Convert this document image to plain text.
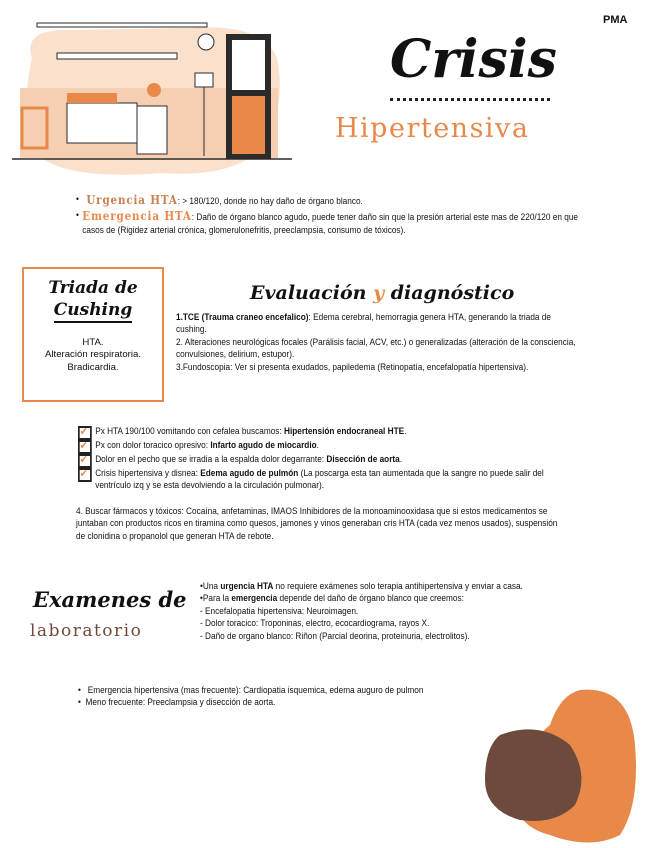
PMA
Crisis
Hipertensiva
• Urgencia HTA: > 180/120, donde no hay daño de órgano blanco.
• Emergencia HTA: Daño de órgano blanco agudo, puede tener daño sin que la presión arterial este mas de 220/120 en que casos de (Rigidez arterial crónica, glomerulonefritis, preeclampsia, consumo de tóxicos).
Triada de
Cushing
HTA.
Alteración respiratoria.
Bradicardia.
Evaluación y diagnóstico
1.TCE (Trauma craneo encefalico): Edema cerebral, hemorragia genera HTA, generando la triada de cushing.
2. Alteraciones neurológicas focales (Parálisis facial, ACV, etc.) o generalizadas (alteración de la consciencia, convulsiones, delirium, estupor).
3.Fundoscopia: Ver si presenta exudados, papiledema (Retinopatía, encefalopatía hipertensiva).
✔ Px HTA 190/100 vomitando con cefalea buscamos: Hipertensión endocraneal HTE.
✔ Px con dolor toracico opresivo: Infarto agudo de miocardio.
✔ Dolor en el pecho que se irradia a la espalda dolor degarrante: Disección de aorta.
✔ Crisis hipertensiva y disnea: Edema agudo de pulmón (La poscarga esta tan aumentada que la sangre no puede salir del ventrículo izq y se esta devolviendo a la circulación pulmonar).
4. Buscar fármacos y tóxicos: Cocaína, anfetaminas, IMAOS Inhibidores de la monoaminooxidasa que si estos medicamentos se juntaban con productos ricos en tiramina como quesos, jamones y vinos generaban cris HTA (cada vez menos usados), suspensión de clonidina o propanolol que generan HTA de rebote.
Examenes de
laboratorio
•Una urgencia HTA no requiere exámenes solo terapia antihipertensiva y enviar a casa.
•Para la emergencia depende del daño de órgano blanco que creemos:
- Encefalopatia hipertensiva: Neuroimagen.
- Dolor toracico: Troponinas, electro, ecocardiograma, rayos X.
- Daño de organo blanco: Riñon (Parcial deorina, proteinuria, electrolitos).
•   Emergencia hipertensiva (mas frecuente): Cardiopatia isquemica, edema auguro de pulmon
•  Meno frecuente: Preeclampsia y disección de aorta.
